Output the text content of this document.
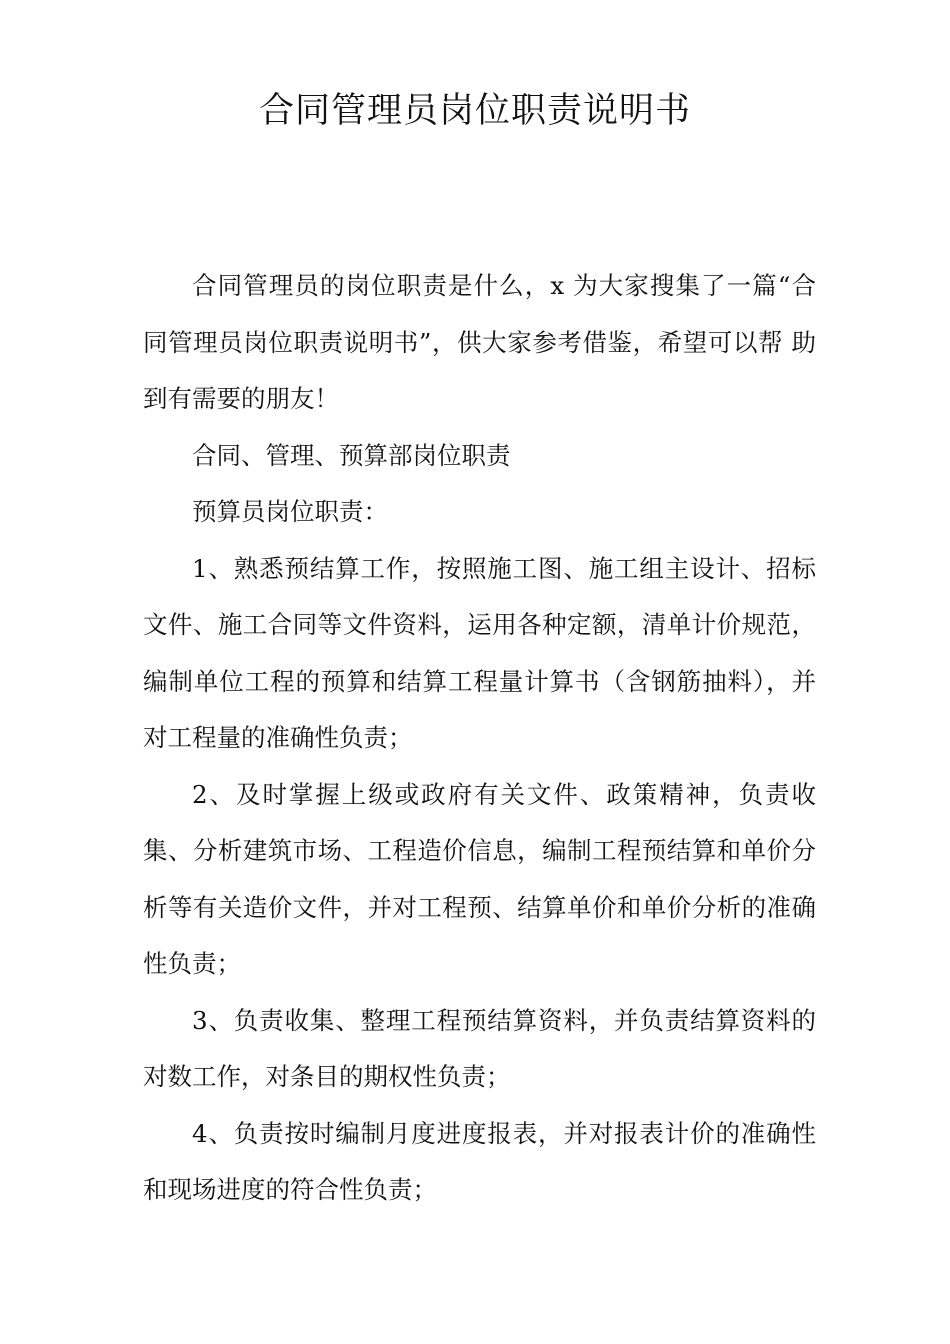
合同管理员岗位职责说明书

合同管理员的岗位职责是什么，x 为大家搜集了一篇“合 同管理员岗位职责说明书”，供大家参考借鉴，希望可以帮 助到有需要的朋友！

合同、管理、预算部岗位职责

预算员岗位职责：

1、熟悉预结算工作，按照施工图、施工组主设计、招标文件、施工合同等文件资料，运用各种定额，清单计价规范，编制单位工程的预算和结算工程量计算书（含钢筋抽料），并对工程量的准确性负责；

2、及时掌握上级或政府有关文件、政策精神，负责收集、分析建筑市场、工程造价信息，编制工程预结算和单价分析等有关造价文件，并对工程预、结算单价和单价分析的准确性负责；

3、负责收集、整理工程预结算资料，并负责结算资料的对数工作，对条目的期权性负责；

4、负责按时编制月度进度报表，并对报表计价的准确性和现场进度的符合性负责；
